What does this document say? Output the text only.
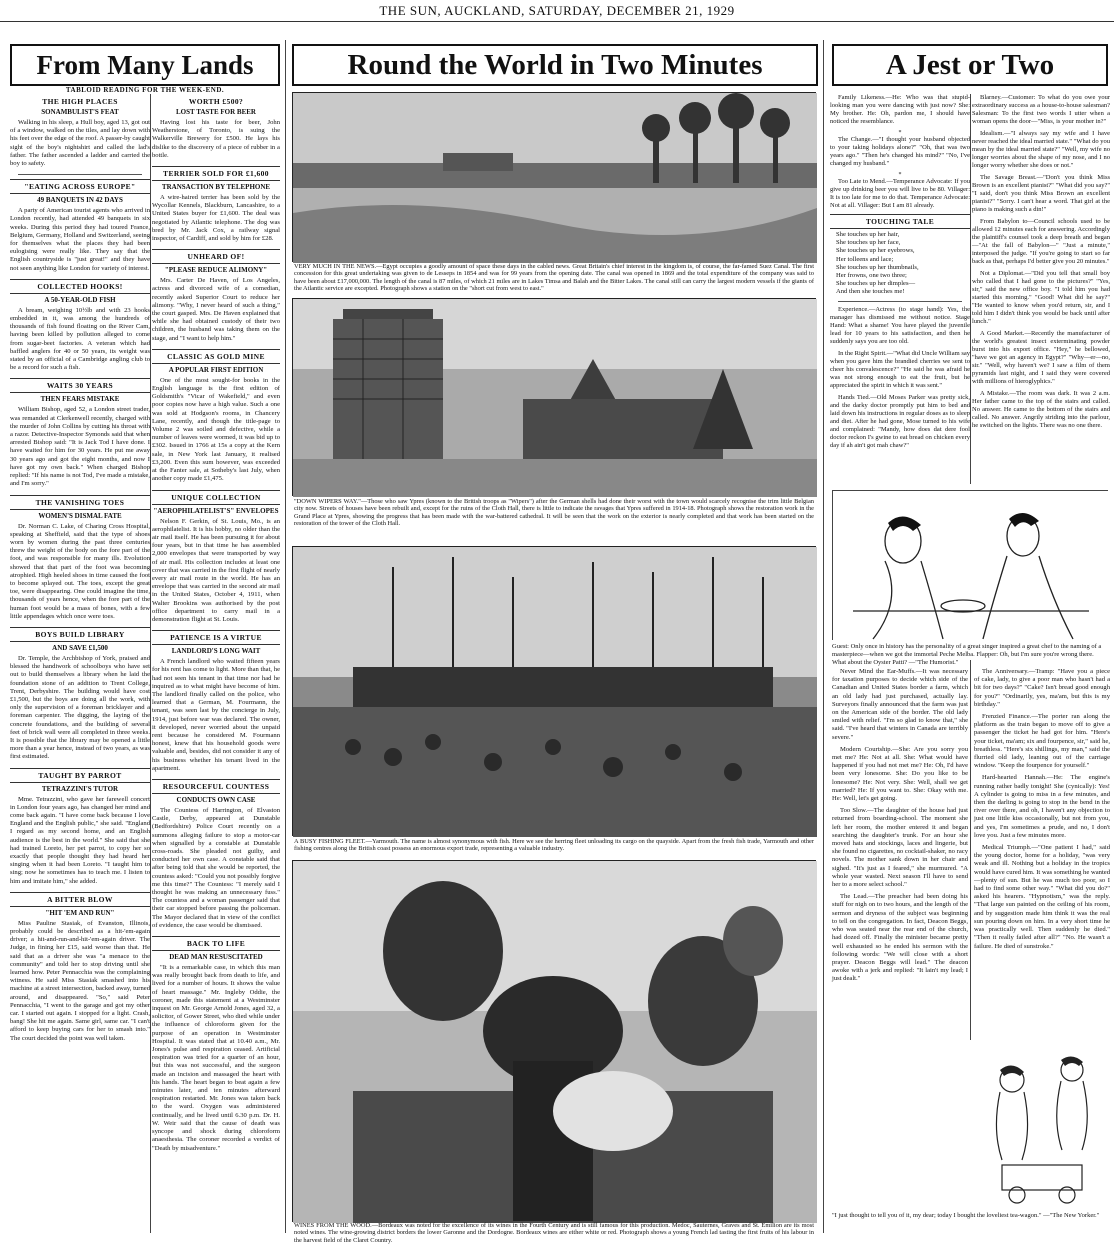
THE SUN, AUCKLAND, SATURDAY, DECEMBER 21, 1929
From Many Lands	Round the World in Two Minutes	A Jest or Two
TABLOID READING FOR THE WEEK-END.
THE HIGH PLACES
SONAMBULIST'S FEAT
Walking in his sleep, a Hull boy, aged 13, got out of a window, walked on the tiles, and lay down with his feet over the edge of the roof. A passer-by caught sight of the boy's nightshirt and called the lad's father. The father ascended a ladder and carried the boy to safety.
"EATING ACROSS EUROPE"
49 BANQUETS IN 42 DAYS
A party of American tourist agents who arrived in London recently, had attended 49 banquets in six weeks. During this period they had toured France, Belgium, Germany, Holland and Switzerland, seeing for themselves what the places they had been eulogising were really like. They say that the English countryside is "just great!" and they have not seen anything like London for variety of interest.
COLLECTED HOOKS!
A 50-YEAR-OLD FISH
A bream, weighing 10½lb and with 23 hooks embedded in it, was among the hundreds of thousands of fish found floating on the River Cam, having been killed by pollution alleged to come from sugar-beet factories. A veteran which had baffled anglers for 40 or 50 years, its weight was stated by an official of a Cambridge angling club to be a record for such a fish.
WAITS 30 YEARS
THEN FEARS MISTAKE
William Bishop, aged 52, a London street trader, was remanded at Clerkenwell recently, charged with the murder of John Collins by cutting his throat with a razor. Detective-Inspector Symonds said that when arrested Bishop said: "It is Jack Tod I have done. I have waited for him for 30 years. He put me away 30 years ago and got the eight months, and now I have got my own back." When charged Bishop replied: "If his name is not Tod, I've made a mistake, and I'm sorry."
THE VANISHING TOES
WOMEN'S DISMAL FATE
Dr. Norman C. Lake, of Charing Cross Hospital, speaking at Sheffield, said that the type of shoes worn by women during the past three centuries threw the weight of the body on the fore part of the foot, and was responsible for many ills. Evolution showed that that part of the foot was becoming atrophied. High heeled shoes in time caused the foot to become splayed out. The toes, except the great toe, were disappearing. One could imagine the time, thousands of years hence, when the fore part of the human foot would be a mass of bones, with a few little appendages which once were toes.
BOYS BUILD LIBRARY
AND SAVE £1,500
Dr. Temple, the Archbishop of York, praised and blessed the handiwork of schoolboys who have set out to build themselves a library when he laid the foundation stone of an addition to Trent College, Trent, Derbyshire. The building would have cost £1,500, but the boys are doing all the work, with only the supervision of a foreman bricklayer and a foreman carpenter. The digging, the laying of the concrete foundations, and the building of several feet of brick wall were all completed in three weeks. It is possible that the library may be opened a little more than a year hence, instead of two years, as was first estimated.
TAUGHT BY PARROT
TETRAZZINI'S TUTOR
Mme. Tetrazzini, who gave her farewell concert in London four years ago, has changed her mind and come back again. "I have come back because I love England and the English public," she said. "England I regard as my second home, and an English audience is the best in the world." She said that she had trained Loreto, her pet parrot, to copy her so exactly that people thought they had heard her singing when it had been Loreto. "I taught him to sing; now he sometimes has to teach me. I listen to him and imitate him," she added.
A BITTER BLOW
"HIT 'EM AND RUN"
Miss Pauline Stasiak, of Evanston, Illinois, probably could be described as a hit-'em-again driver; a hit-and-run-and-hit-'em-again driver. The Judge, in fining her £15, said worse than that. He said that as a driver she was "a menace to the community" and told her to stop driving until she learned how. Peter Pennacchia was the complaining witness. He said Miss Stasiak smashed into his machine at a street intersection, backed away, turned around, and disappeared. "So," said Peter Pennacchia, "I went to the garage and got my other car. I started out again. I stopped for a light. Crash, bang! She hit me again. Same girl, same car. "I can't afford to keep buying cars for her to smash into." The court decided the point was well taken.
WORTH £500?
LOST TASTE FOR BEER
Having lost his taste for beer, John Weatherstone, of Toronto, is suing the Walkerville Brewery for £500. He lays his dislike to the discovery of a piece of rubber in a bottle.
TERRIER SOLD FOR £1,600
TRANSACTION BY TELEPHONE
A wire-haired terrier has been sold by the Wycollar Kennels, Blackburn, Lancashire, to a United States buyer for £1,600. The deal was negotiated by Atlantic telephone. The dog was bred by Mr. Jack Cox, a railway signal inspector, of Cardiff, and sold by him for £28.
UNHEARD OF!
"PLEASE REDUCE ALIMONY"
Mrs. Carter De Haven, of Los Angeles, actress and divorced wife of a comedian, recently asked Superior Court to reduce her alimony. "Why, I never heard of such a thing," the court gasped. Mrs. De Haven explained that while she had obtained custody of their two children, the husband was taking them on the stage, and "I want to help him."
CLASSIC AS GOLD MINE
A POPULAR FIRST EDITION
One of the most sought-for books in the English language is the first edition of Goldsmith's "Vicar of Wakefield," and even poor copies now have a high value. Such a one was sold at Hodgson's rooms, in Chancery Lane, recently, and though the title-page to Volume 2 was soiled and defective, while a number of leaves were wormed, it was bid up to £302. Issued in 1766 at 15s a copy at the Kern sale, in New York last January, it realised £3,200. Even this sum however, was exceeded at the Fanter sale, at Sotheby's last July, when another copy made £1,475.
UNIQUE COLLECTION
"AEROPHILATELIST'S" ENVELOPES
Nelson F. Gerkin, of St. Louis, Mo., is an aerophilatelist. It is his hobby, no older than the air mail itself. He has been pursuing it for about four years, but in that time he has assembled 2,000 envelopes that were transported by way of air mail. His collection includes at least one cover that was carried in the first flight of nearly every air mail route in the world. He has an envelope that was carried in the second air mail in the United States, October 4, 1911, when Walter Brookins was authorised by the post office department to carry mail in a demonstration flight at St. Louis.
PATIENCE IS A VIRTUE
LANDLORD'S LONG WAIT
A French landlord who waited fifteen years for his rent has come to light. More than that, he had not seen his tenant in that time nor had he inquired as to what might have become of him. The landlord finally called on the police, who learned that a German, M. Fourmann, the tenant, was seen last by the concierge in July, 1914, just before war was declared. The owner, it developed, never worried about the unpaid rent because he considered M. Fourmann honest, knew that his household goods were valuable and, besides, did not consider it any of his business whether his tenant lived in the apartment.
RESOURCEFUL COUNTESS
CONDUCTS OWN CASE
The Countess of Harrington, of Elvaston Castle, Derby, appeared at Dunstable (Bedfordshire) Police Court recently on a summons alleging failure to stop a motor-car when signalled by a constable at Dunstable cross-roads. She pleaded not guilty, and conducted her own case. A constable said that after being told that she would be reported, the countess asked: "Could you not possibly forgive me this time?" The Countess: "I merely said I thought he was making an unnecessary fuss." The countess and a woman passenger said that their car stopped before passing the policeman. The Mayor declared that in view of the conflict of evidence, the case would be dismissed.
BACK TO LIFE
DEAD MAN RESUSCITATED
"It is a remarkable case, in which this man was really brought back from death to life, and lived for a number of hours. It shows the value of heart massage." Mr. Ingleby Oddie, the coroner, made this statement at a Westminster inquest on Mr. George Arnold Jones, aged 32, a solicitor, of Gower Street, who died while under the influence of chloroform given for the purpose of an operation in Westminster Hospital. It was stated that at 10.40 a.m., Mr. Jones's pulse and respiration ceased. Artificial respiration was tried for a quarter of an hour, but this was not successful, and the surgeon made an incision and massaged the heart with his hands. The heart began to beat again a few minutes later, and ten minutes afterward respiration restarted. Mr. Jones was taken back to the ward. Oxygen was administered continually, and he lived until 6.30 p.m. Dr. H. W. Weir said that the cause of death was syncope and shock during chloroform anaesthesia. The coroner recorded a verdict of "Death by misadventure."
VERY MUCH IN THE NEWS.—Egypt occupies a goodly amount of space these days in the cabled news. Great Britain's chief interest in the kingdom is, of course, the far-famed Suez Canal. The first concession for this great undertaking was given to de Lesseps in 1854 and was for 99 years from the opening date. The canal was opened in 1869 and the total expenditure of the company was said to have been about £17,000,000. The length of the canal is 87 miles, of which 21 miles are in Lakes Timsa and Balah and the Bitter Lakes. The canal still can carry the largest modern vessels if the giants of the Atlantic service are excepted. Photograph shows a station on the "short cut from west to east."
"DOWN WIPERS WAY."—Those who saw Ypres (known to the British troops as "Wipers") after the German shells had done their worst with the town would scarcely recognise the trim little Belgian city now. Streets of houses have been rebuilt and, except for the ruins of the Cloth Hall, there is little to indicate the ravages that Ypres suffered in 1914-18. Photograph shows the restoration work in the Grand Place at Ypres, showing the progress that has been made with the war-battered cathedral. It will be seen that the work on the exterior is nearly completed and that work has been started on the restoration of the tower of the Cloth Hall.
A BUSY FISHING FLEET.—Yarmouth. The name is almost synonymous with fish. Here we see the herring fleet unloading its cargo on the quayside. Apart from the fresh fish trade, Yarmouth and other fishing centres along the British coast possess an enormous export trade, representing a valuable industry.
WINES FROM THE WOOD.—Bordeaux was noted for the excellence of its wines in the Fourth Century and is still famous for this production. Medoc, Sauternes, Graves and St. Emilion are its most noted wines. The wine-growing district borders the lower Garonne and the Dordogne. Bordeaux wines are either white or red. Photograph shows a young French lad tasting the first fruits of his labour in the harvest field of the Claret Country.
Family Likeness.—He: Who was that stupid-looking man you were dancing with just now? She: My brother. He: Oh, pardon me, I should have noticed the resemblance.
*
The Change.—"I thought your husband objected to your taking holidays alone?" "Oh, that was two years ago." "Then he's changed his mind?" "No, I've changed my husband."
*
Too Late to Mend.—Temperance Advocate: If you give up drinking beer you will live to be 80. Villager: It is too late for me to do that. Temperance Advocate: Not at all. Villager: But I am 81 already.
TOUCHING TALE
She touches up her hair,
She touches up her face,
She touches up her eyebrows,
Her tolleens and lace;
She touches up her thumbnails,
Her frowns, one two three;
She touches up her dimples—
And then she touches me!
Experience.—Actress (to stage hand): Yes, the manager has dismissed me without notice. Stage Hand: What a shame! You have played the juvenile lead for 10 years to his satisfaction, and then he suddenly says you are too old.
In the Right Spirit.—"What did Uncle William say when you gave him the brandied cherries we sent to cheer his convalescence?" "He said he was afraid he was not strong enough to eat the fruit, but he appreciated the spirit in which it was sent."
Hands Tied.—Old Moses Parker was pretty sick, and the darky doctor promptly put him to bed and laid down his instructions in regular doses as to sleep and diet. After he had gone, Mose turned to his wife and complained: "Mandy, how does dat dere fool doctor reckon I's gwine to eat bread on chicken every day if ah ain't got mah chaw?"
Blarney.—Customer: To what do you owe your extraordinary success as a house-to-house salesman? Salesman: To the first two words I utter when a woman opens the door—"Miss, is your mother in?"
Idealism.—"I always say my wife and I have never reached the ideal married state." "What do you mean by the ideal married state?" "Well, my wife no longer worries about the shape of my nose, and I no longer worry whether she does or not."
The Savage Breast.—"Don't you think Miss Brown is an excellent pianist?" "What did you say?" "I said, don't you think Miss Brown an excellent pianist?" "Sorry. I can't hear a word. That girl at the piano is making such a din!"
From Babylon to—Council schools used to be allowed 12 minutes each for answering. Accordingly the plaintiff's counsel took a deep breath and began—"At the fall of Babylon—" "Just a minute," interposed the judge. "If you're going to start so far back as that, perhaps I'd better give you 20 minutes."
Not a Diplomat.—"Did you tell that small boy who called that I had gone to the pictures?" "Yes, sir," said the new office boy. "I told him you had started this morning." "Good! What did he say?" "He wanted to know when you'd return, sir, and I told him I didn't think you would be back until after lunch."
A Good Market.—Recently the manufacturer of the world's greatest insect exterminating powder burst into his export office. "Hey," he bellowed, "have we got an agency in Egypt?" "Why—er—no, sir." "Well, why haven't we? I saw a film of them pyramids last night, and I said they were covered with millions of hieroglyphics."
A Mistake.—The room was dark. It was 2 a.m. Her father came to the top of the stairs and called. No answer. He came to the bottom of the stairs and called. No answer. Angrily striding into the parlour, he switched on the lights. There was no one there.
Guest: Only once in history has the personality of a great singer inspired a great chef to the naming of a masterpiece—when we got the immortal Peche Melba. Flapper: Oh, but I'm sure you're wrong there. What about the Oyster Patti? —"The Humorist."
Never Mind the Ear-Muffs.—It was necessary for taxation purposes to decide which side of the Canadian and United States border a farm, which an old lady had just purchased, actually lay. Surveyors finally announced that the farm was just on the American side of the border. The old lady smiled with relief. "I'm so glad to know that," she said. "I've heard that winters in Canada are terribly severe."
Modern Courtship.—She: Are you sorry you met me? He: Not at all. She: What would have happened if you had not met me? He: Oh, I'd have been very lonesome. She: Do you like to be lonesome? He: Not very. She: Well, shall we get married? He: If you want to. She: Okay with me. He: Well, let's get going.
Too Slow.—The daughter of the house had just returned from boarding-school. The moment she left her room, the mother entered it and began searching the daughter's trunk. For an hour she moved hats and stockings, laces and lingerie, but she found no cigarettes, no cocktail-shaker, no racy novels. The mother sank down in her chair and sighed. "It's just as I feared," she murmured. "A whole year wasted. Next season I'll have to send her to a more select school."
The Lead.—The preacher had been doing his stuff for nigh on to two hours, and the length of the sermon and dryness of the subject was beginning to tell on the congregation. In fact, Deacon Beggs, who was seated near the rear end of the church, had dozed off. Finally the minister became pretty well exhausted so he ended his sermon with the following words: "We will close with a short prayer. Deacon Beggs will lead." The deacon awoke with a jerk and replied: "It lain't my lead; I just dealt."
The Anniversary.—Tramp: "Have you a piece of cake, lady, to give a poor man who hasn't had a bit for two days?" "Cake? Isn't bread good enough for you?" "Ordinarily, yes, ma'am, but this is my birthday."
Frenzied Finance.—The porter ran along the platform as the train began to move off to give a passenger the ticket he had got for him. "Here's your ticket, ma'am; six and fourpence, sir," said he, breathless. "Here's six shillings, my man," said the flurried old lady, leaning out of the carriage window. "Keep the fourpence for yourself."
Hard-hearted Hannah.—He: The engine's running rather badly tonight! She (cynically): Yes! A cylinder is going to miss in a few minutes, and then the darling is going to stop in the bend in the river over there, and oh, I haven't any objection to just one little kiss occasionally, but not from you, and yes, I'm sometimes a prude, and no, I don't love you. Just a few minutes more.
Medical Triumph.—"One patient I had," said the young doctor, home for a holiday, "was very weak and ill. Nothing but a holiday in the tropics would have cured him. It was something he wanted—plenty of sun. But he was much too poor, so I had to find some other way." "What did you do?" asked his hearers. "Hypnotism," was the reply. "That large sun painted on the ceiling of his room, and by suggestion made him think it was the real sun pouring down on him. In a very short time he was practically well. Then suddenly he died." "Then it really failed after all?" "No. He wasn't a failure. He died of sunstroke."
"I just thought to tell you of it, my dear; today I bought the loveliest tea-wagon." —"The New Yorker."
